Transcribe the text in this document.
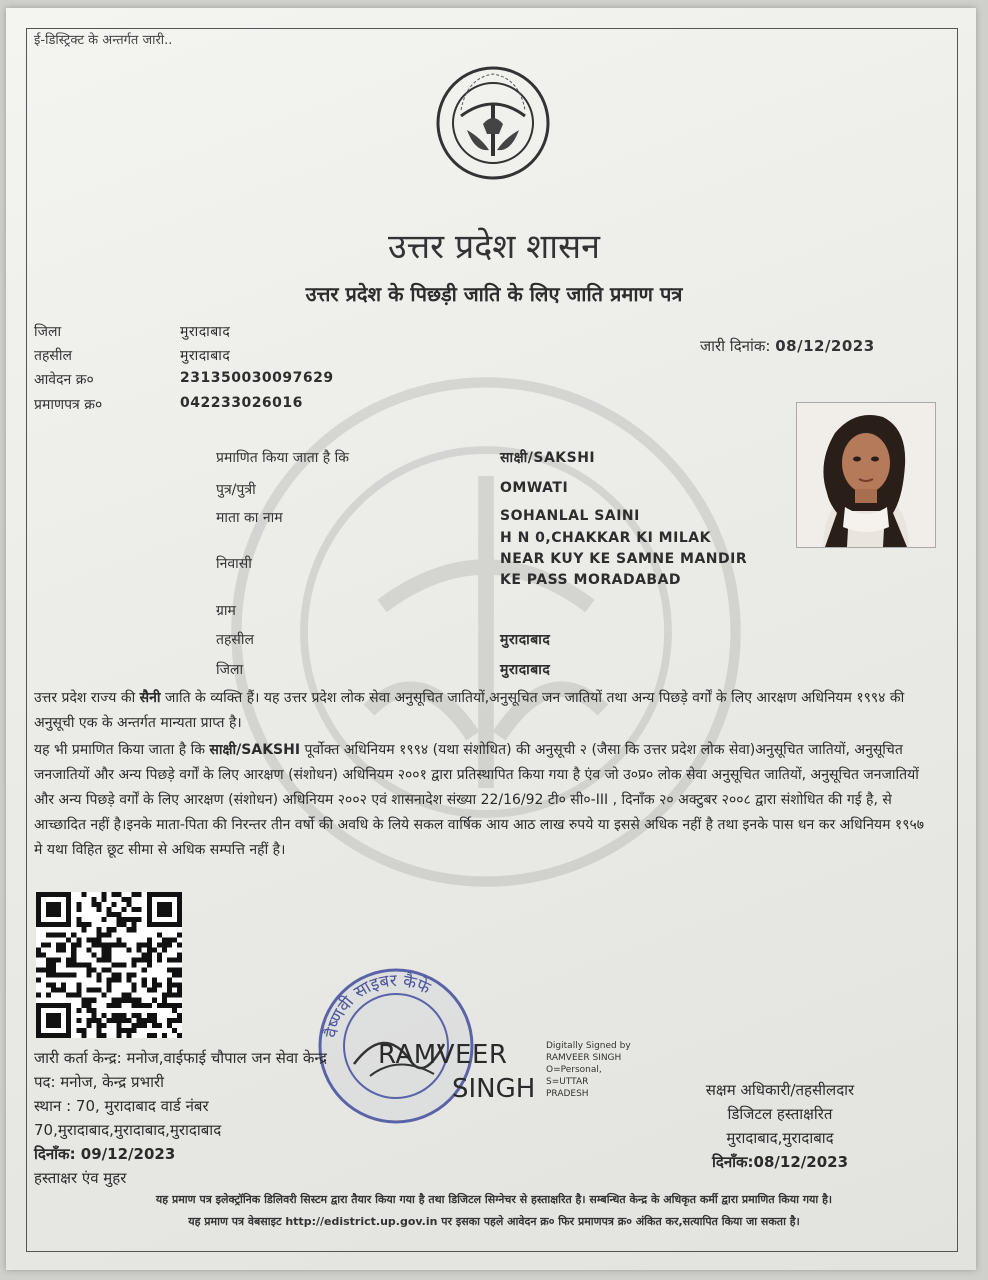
ई-डिस्ट्रिक्ट के अन्तर्गत जारी..
उत्तर प्रदेश शासन
उत्तर प्रदेश के पिछड़ी जाति के लिए जाति प्रमाण पत्र
जिला	मुरादाबाद
तहसील	मुरादाबाद
आवेदन क्र०	231350030097629
प्रमाणपत्र क्र०	042233026016
जारी दिनांक: 08/12/2023
प्रमाणित किया जाता है कि	साक्षी/SAKSHI
पुत्र/पुत्री	OMWATI
माता का नाम	SOHANLAL SAINI
H N 0,CHAKKAR KI MILAK
निवासी	NEAR KUY KE SAMNE MANDIR
KE PASS MORADABAD
ग्राम
तहसील	मुरादाबाद
जिला	मुरादाबाद
उत्तर प्रदेश राज्य की सैनी जाति के व्यक्ति हैं। यह उत्तर प्रदेश लोक सेवा अनुसूचित जातियों,अनुसूचित जन जातियों तथा अन्य पिछड़े वर्गों के लिए आरक्षण अधिनियम १९९४ की अनुसूची एक के अन्तर्गत मान्यता प्राप्त है।
यह भी प्रमाणित किया जाता है कि साक्षी/SAKSHI पूर्वोक्त अधिनियम १९९४ (यथा संशोधित) की अनुसूची २ (जैसा कि उत्तर प्रदेश लोक सेवा)अनुसूचित जातियों, अनुसूचित जनजातियों और अन्य पिछड़े वर्गों के लिए आरक्षण (संशोधन) अधिनियम २००१ द्वारा प्रतिस्थापित किया गया है एंव जो उ०प्र० लोक सेवा अनुसूचित जातियों, अनुसूचित जनजातियों और अन्य पिछड़े वर्गों के लिए आरक्षण (संशोधन) अधिनियम २००२ एवं शासनादेश संख्या 22/16/92 टी० सी०-III , दिनाँक २० अक्टुबर २००८ द्वारा संशोधित की गई है, से आच्छादित नहीं है।इनके माता-पिता की निरन्तर तीन वर्षो की अवधि के लिये सकल वार्षिक आय आठ लाख रुपये या इससे अधिक नहीं है तथा इनके पास धन कर अधिनियम १९५७ मे यथा विहित छूट सीमा से अधिक सम्पत्ति नहीं है।
वैष्णवी साइबर कैफे
RAMVEER
SINGH
Digitally Signed by
RAMVEER SINGH
O=Personal,
S=UTTAR
PRADESH
जारी कर्ता केन्द्र: मनोज,वाईफाई चौपाल जन सेवा केन्द्र
पद: मनोज, केन्द्र प्रभारी
स्थान : 70, मुरादाबाद वार्ड नंबर
70,मुरादाबाद,मुरादाबाद,मुरादाबाद
दिनाँक: 09/12/2023
हस्ताक्षर एंव मुहर
सक्षम अधिकारी/तहसीलदार
डिजिटल हस्ताक्षरित
मुरादाबाद,मुरादाबाद
दिनाँक:08/12/2023
यह प्रमाण पत्र इलेक्ट्रॉनिक डिलिवरी सिस्टम द्वारा तैयार किया गया है तथा डिजिटल सिग्नेचर से हस्ताक्षरित है। सम्बन्धित केन्द्र के अधिकृत कर्मी द्वारा प्रमाणित किया गया है।
यह प्रमाण पत्र वेबसाइट http://edistrict.up.gov.in पर इसका पहले आवेदन क्र० फिर प्रमाणपत्र क्र० अंकित कर,सत्यापित किया जा सकता है।
